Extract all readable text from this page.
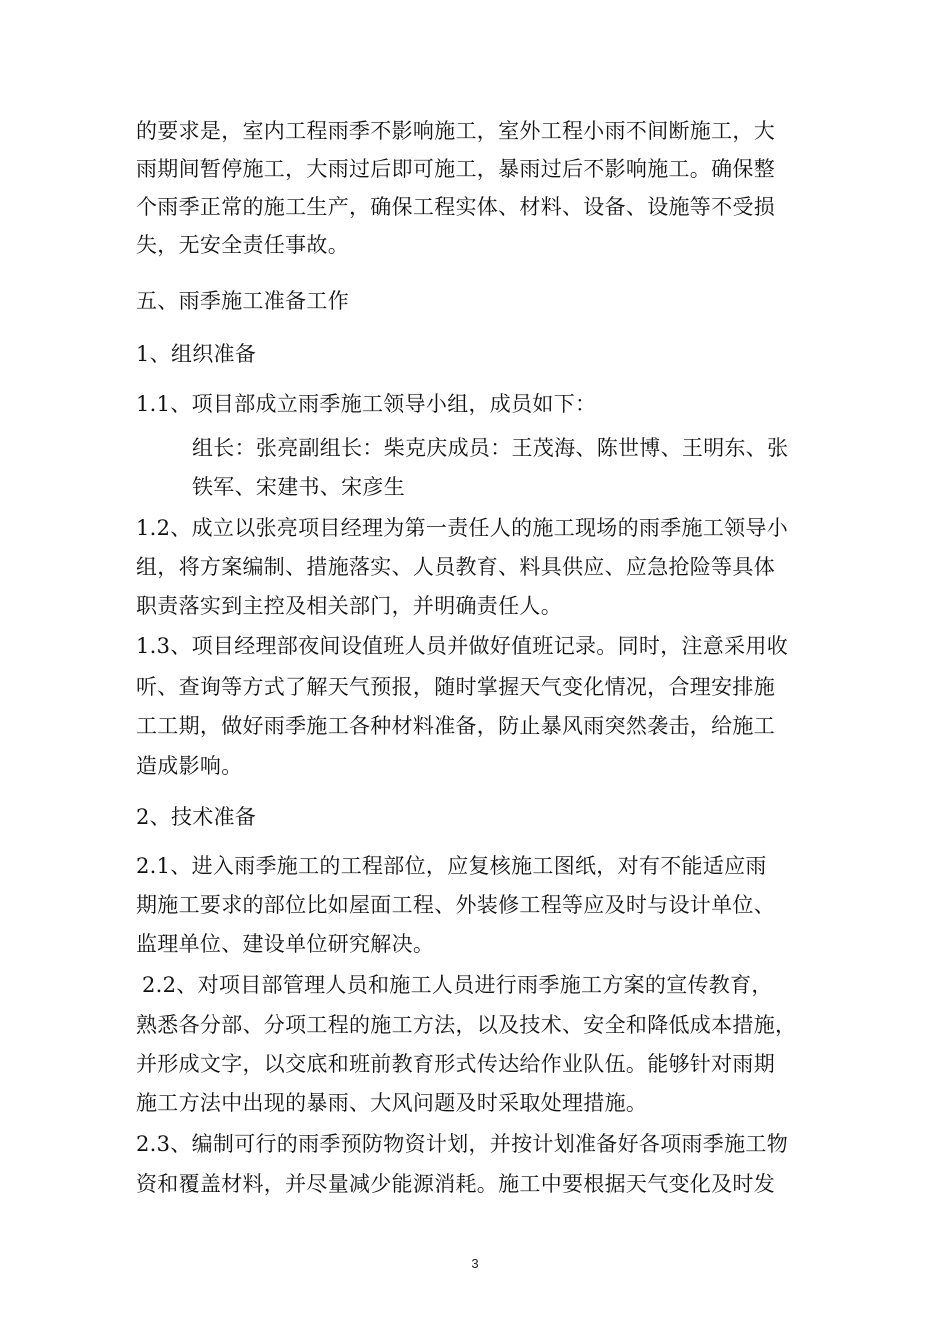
的要求是，室内工程雨季不影响施工，室外工程小雨不间断施工，大
雨期间暂停施工，大雨过后即可施工，暴雨过后不影响施工。确保整
个雨季正常的施工生产，确保工程实体、材料、设备、设施等不受损
失，无安全责任事故。
五、雨季施工准备工作
1、组织准备
1.1、项目部成立雨季施工领导小组，成员如下：
组长：张亮副组长：柴克庆成员：王茂海、陈世博、王明东、张
铁军、宋建书、宋彦生
1.2、成立以张亮项目经理为第一责任人的施工现场的雨季施工领导小
组，将方案编制、措施落实、人员教育、料具供应、应急抢险等具体
职责落实到主控及相关部门，并明确责任人。
1.3、项目经理部夜间设值班人员并做好值班记录。同时，注意采用收
听、查询等方式了解天气预报，随时掌握天气变化情况，合理安排施
工工期，做好雨季施工各种材料准备，防止暴风雨突然袭击，给施工
造成影响。
2、技术准备
2.1、进入雨季施工的工程部位，应复核施工图纸，对有不能适应雨
期施工要求的部位比如屋面工程、外装修工程等应及时与设计单位、
监理单位、建设单位研究解决。
2.2、对项目部管理人员和施工人员进行雨季施工方案的宣传教育，
熟悉各分部、分项工程的施工方法，以及技术、安全和降低成本措施，
并形成文字，以交底和班前教育形式传达给作业队伍。能够针对雨期
施工方法中出现的暴雨、大风问题及时采取处理措施。
2.3、编制可行的雨季预防物资计划，并按计划准备好各项雨季施工物
资和覆盖材料，并尽量减少能源消耗。施工中要根据天气变化及时发
3
